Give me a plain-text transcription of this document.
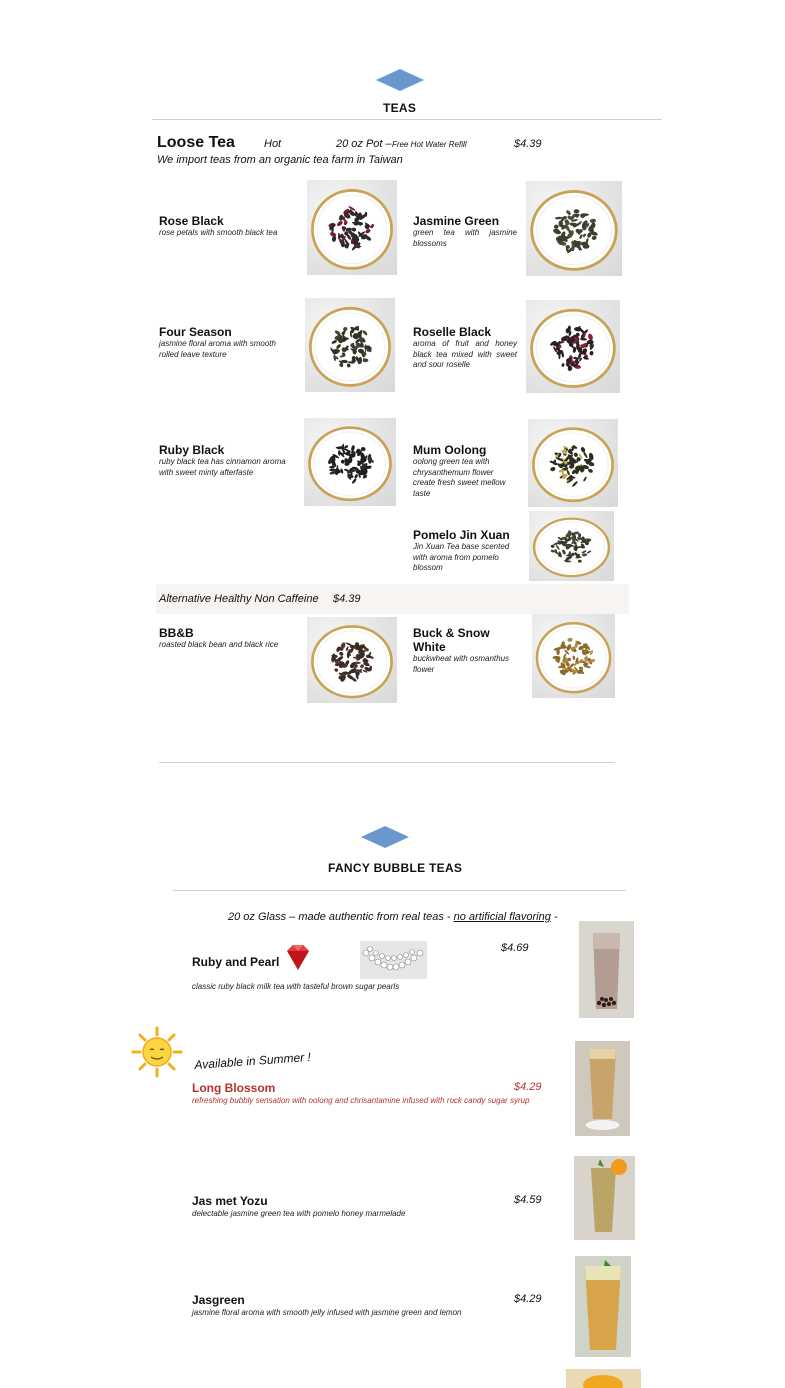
TEAS
Loose Tea	Hot	20 oz Pot – Free Hot Water Refill	$4.39
We import teas from an organic tea farm in Taiwan
Rose Black
rose petals with smooth black tea
Jasmine Green
green tea with jasmine blossoms
Four Season
jasmine floral aroma with smooth rolled leave texture
Roselle Black
aroma of fruit and honey black tea mixed with sweet and sour roselle
Ruby Black
ruby black tea has cinnamon aroma with sweet minty afterfaste
Mum Oolong
oolong green tea with chrysanthemum flower create fresh sweet mellow taste
Pomelo Jin Xuan
Jin Xuan Tea base scented with aroma from pomelo blossom
Alternative Healthy Non Caffeine $4.39
BB&B
roasted black bean and black rice
Buck & Snow White
buckwheat with osmanthus flower
FANCY BUBBLE TEAS
20 oz Glass – made authentic from real teas - no artificial flavoring -
Ruby and Pearl
$4.69
classic ruby black milk tea with tasteful brown sugar pearls
Available in Summer !
Long Blossom	$4.29
refreshing bubbly sensation with oolong and chrisantamine infused with rock candy sugar syrup
Jas met Yozu	$4.59
delectable jasmine green tea with pomelo honey marmelade
Jasgreen	$4.29
jasmine floral aroma with smooth jelly infused with jasmine green and lemon
